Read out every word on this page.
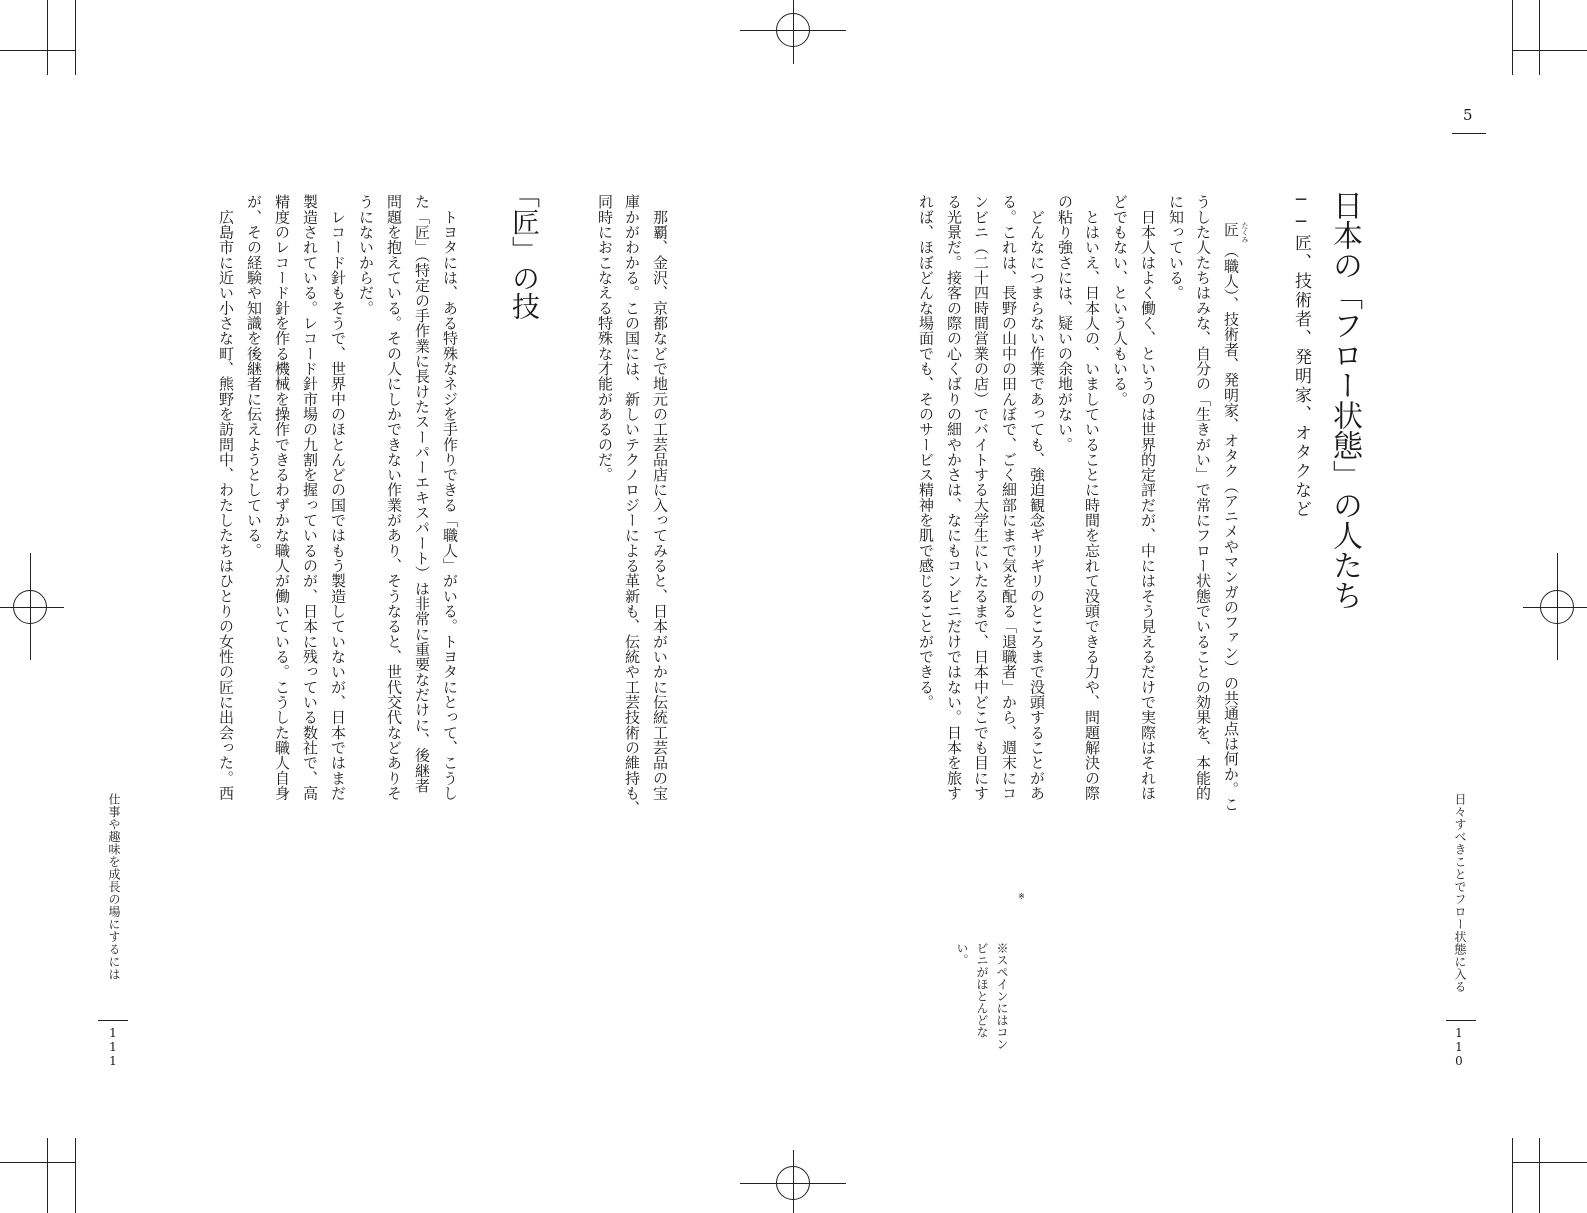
5
日本の「フロー状態」の人たち
──匠、技術者、発明家、オタクなど
匠 たくみ
（職人）、技術者、発明家、オタク（アニメやマンガのファン）の共通点は何か。こ
うした人たちはみな、自分の「生きがい」で常にフロー状態でいることの効果を、本能的
に知っている。
　日本人はよく働く、というのは世界的定評だが、中にはそう見えるだけで実際はそれほ
どでもない、という人もいる。
　とはいえ、日本人の、いましていることに時間を忘れて没頭できる力や、問題解決の際
の粘り強さには、疑いの余地がない。
　どんなにつまらない作業であっても、強迫観念ギリギリのところまで没頭することがあ
る。これは、長野の山中の田んぼで、ごく細部にまで気を配る「退職者」から、週末にコ
ンビニ（二十四時間営業の店）でバイトする大学生にいたるまで、日本中どこでも目にす
る光景だ。接客の際の心くばりの細やかさは、なにもコンビニだけではない。日本を旅す
れば、ほぼどんな場面でも、そのサービス精神を肌で感じることができる。
※
※スペインにはコン
ビニがほとんどな
い。	日々すべきことでフロー状態に入る
110
　那覇、金沢、京都などで地元の工芸品店に入ってみると、日本がいかに伝統工芸品の宝
庫かがわかる。この国には、新しいテクノロジーによる革新も、伝統や工芸技術の維持も、
同時におこなえる特殊な才能があるのだ。
「匠」の技
　トヨタには、ある特殊なネジを手作りできる「職人」がいる。トヨタにとって、こうし
た「匠」（特定の手作業に長けたスーパーエキスパート）は非常に重要なだけに、後継者
問題を抱えている。その人にしかできない作業があり、そうなると、世代交代などありそ
うにないからだ。
　レコード針もそうで、世界中のほとんどの国ではもう製造していないが、日本ではまだ
製造されている。レコード針市場の九割を握っているのが、日本に残っている数社で、高
精度のレコード針を作る機械を操作できるわずかな職人が働いている。こうした職人自身
が、その経験や知識を後継者に伝えようとしている。
　広島市に近い小さな町、熊野を訪問中、わたしたちはひとりの女性の匠に出会った。西
仕事や趣味を成長の場にするには
111
